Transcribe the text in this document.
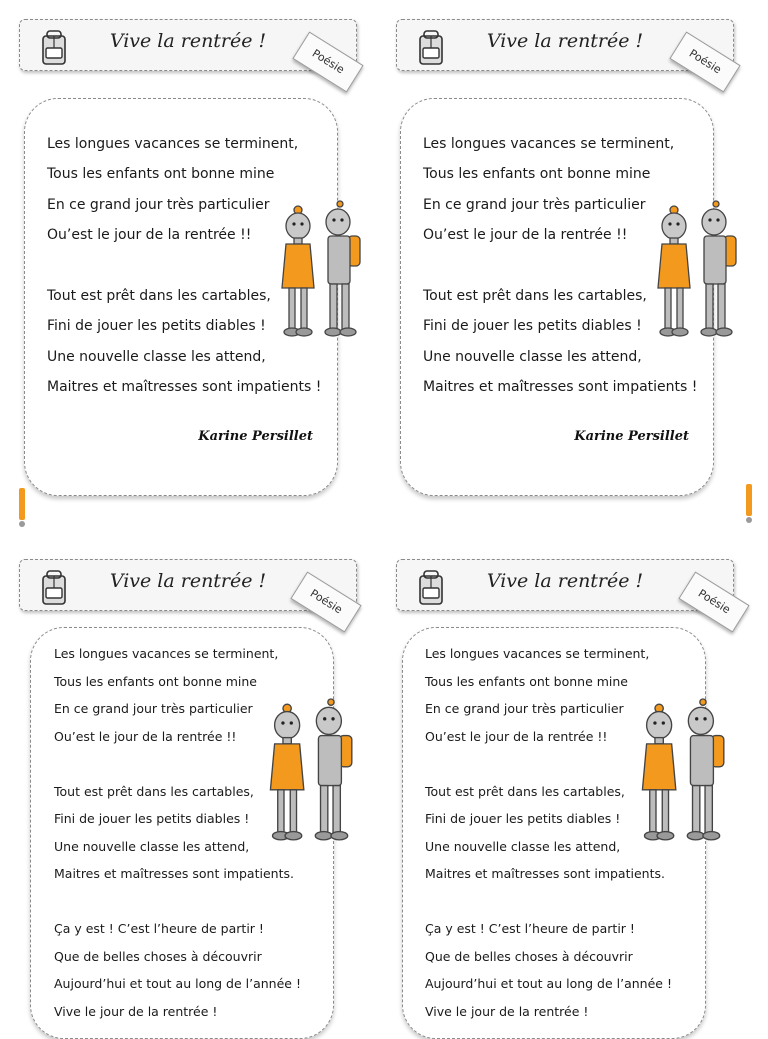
Vive la rentrée !
Poésie
Les longues vacances se terminent,
Tous les enfants ont bonne mine
En ce grand jour très particulier
Ou’est le jour de la rentrée !!
Tout est prêt dans les cartables,
Fini de jouer les petits diables !
Une nouvelle classe les attend,
Maitres et maîtresses sont impatients !
Karine Persillet
Vive la rentrée !
Poésie
Les longues vacances se terminent,
Tous les enfants ont bonne mine
En ce grand jour très particulier
Ou’est le jour de la rentrée !!
Tout est prêt dans les cartables,
Fini de jouer les petits diables !
Une nouvelle classe les attend,
Maitres et maîtresses sont impatients !
Karine Persillet
Vive la rentrée !
Poésie
Les longues vacances se terminent,
Tous les enfants ont bonne mine
En ce grand jour très particulier
Ou’est le jour de la rentrée !!
Tout est prêt dans les cartables,
Fini de jouer les petits diables !
Une nouvelle classe les attend,
Maitres et maîtresses sont impatients.
Ça y est ! C’est l’heure de partir !
Que de belles choses à découvrir
Aujourd’hui et tout au long de l’année !
Vive le jour de la rentrée !
Vive la rentrée !
Poésie
Les longues vacances se terminent,
Tous les enfants ont bonne mine
En ce grand jour très particulier
Ou’est le jour de la rentrée !!
Tout est prêt dans les cartables,
Fini de jouer les petits diables !
Une nouvelle classe les attend,
Maitres et maîtresses sont impatients.
Ça y est ! C’est l’heure de partir !
Que de belles choses à découvrir
Aujourd’hui et tout au long de l’année !
Vive le jour de la rentrée !
